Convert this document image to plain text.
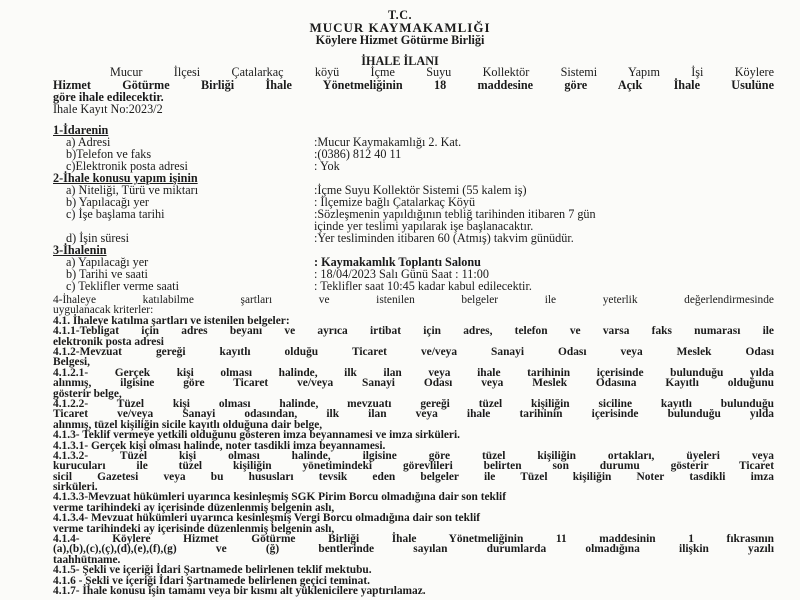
T.C.
MUCUR KAYMAKAMLIĞI
Köylere Hizmet Götürme Birliği
İHALE İLANI
Mucur İlçesi Çatalarkaç köyü İçme Suyu Kollektör Sistemi Yapım İşi Köylere
Hizmet Götürme Birliği İhale Yönetmeliğinin 18 maddesine göre Açık İhale Usulüne
göre ihale edilecektir.
İhale Kayıt No:2023/2
1-İdarenin
a) Adresi	:Mucur Kaymakamlığı 2. Kat.
b)Telefon ve faks	:(0386) 812 40 11
c)Elektronik posta adresi	: Yok
2-İhale konusu yapım işinin
a) Niteliği, Türü ve miktarı	:İçme Suyu Kollektör Sistemi (55 kalem iş)
b) Yapılacağı yer	: İlçemize bağlı Çatalarkaç Köyü
c) İşe başlama tarihi	:Sözleşmenin yapıldığının tebliğ tarihinden itibaren 7 gün
içinde yer teslimi yapılarak işe başlanacaktır.
d) İşin süresi	:Yer tesliminden itibaren 60 (Atmış) takvim günüdür.
3-İhalenin
a) Yapılacağı yer	: Kaymakamlık Toplantı Salonu
b) Tarihi ve saati	: 18/04/2023 Salı Günü Saat : 11:00
c) Teklifler verme saati	: Teklifler saat 10:45 kadar kabul edilecektir.
4-İhaleye katılabilme şartları ve istenilen belgeler ile yeterlik değerlendirmesinde
uygulanacak kriterler:
4.1. İhaleye katılma şartları ve istenilen belgeler:
4.1.1-Tebligat için adres beyanı ve ayrıca irtibat için adres, telefon ve varsa faks numarası ile
elektronik posta adresi
4.1.2-Mevzuat gereği kayıtlı olduğu Ticaret ve/veya Sanayi Odası veya Meslek Odası
Belgesi,
4.1.2.1- Gerçek kişi olması halinde, ilk ilan veya ihale tarihinin içerisinde bulunduğu yılda
alınmış, ilgisine göre Ticaret ve/veya Sanayi Odası veya Meslek Odasına Kayıtlı olduğunu
gösterir belge,
4.1.2.2- Tüzel kişi olması halinde, mevzuatı gereği tüzel kişiliğin siciline kayıtlı bulunduğu
Ticaret ve/veya Sanayi odasından, ilk ilan veya ihale tarihinin içerisinde bulunduğu yılda
alınmış, tüzel kişiliğin sicile kayıtlı olduğuna dair belge,
4.1.3- Teklif vermeye yetkili olduğunu gösteren imza beyannamesi ve imza sirküleri.
4.1.3.1- Gerçek kişi olması halinde, noter tasdikli imza beyannamesi.
4.1.3.2- Tüzel kişi olması halinde, ilgisine göre tüzel kişiliğin ortakları, üyeleri veya
kurucuları ile tüzel kişiliğin yönetimindeki görevlileri belirten son durumu gösterir Ticaret
sicil Gazetesi veya bu hususları tevsik eden belgeler ile Tüzel kişiliğin Noter tasdikli imza
sirküleri.
4.1.3.3-Mevzuat hükümleri uyarınca kesinleşmiş SGK Pirim Borcu olmadığına dair son teklif
verme tarihindeki ay içerisinde düzenlenmiş belgenin aslı,
4.1.3.4- Mevzuat hükümleri uyarınca kesinleşmiş Vergi Borcu olmadığına dair son teklif
verme tarihindeki ay içerisinde düzenlenmiş belgenin aslı,
4.1.4- Köylere Hizmet Götürme Birliği İhale Yönetmeliğinin 11 maddesinin 1 fıkrasının
(a),(b),(c),(ç),(d),(e),(f),(g) ve (ğ) bentlerinde sayılan durumlarda olmadığına ilişkin yazılı
taahhütname.
4.1.5- Şekli ve içeriği İdari Şartnamede belirlenen teklif mektubu.
4.1.6 - Şekli ve içeriği İdari Şartnamede belirlenen geçici teminat.
4.1.7- İhale konusu işin tamamı veya bir kısmı alt yüklenicilere yaptırılamaz.
